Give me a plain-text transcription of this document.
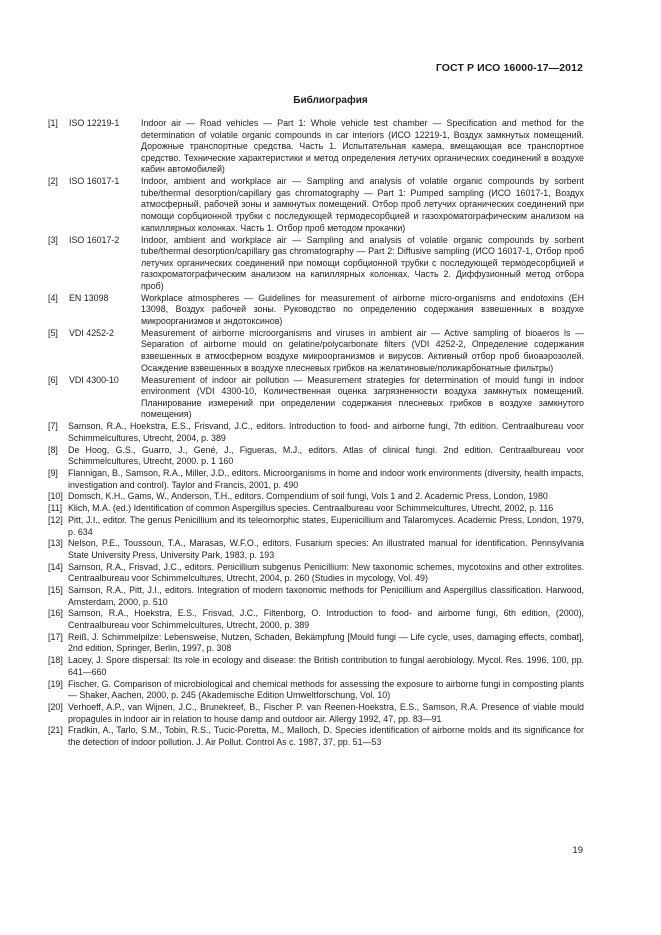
ГОСТ Р ИСО 16000-17—2012
Библиография
[1] ISO 12219-1 Indoor air — Road vehicles — Part 1: Whole vehicle test chamber — Specification and method for the determination of volatile organic compounds in car interiors (ИСО 12219-1, Воздух замкнутых помещений. Дорожные транспортные средства. Часть 1. Испытательная камера, вмещающая все транспортное средство. Технические характеристики и метод определения летучих органических соединений в воздухе кабин автомобилей)
[2] ISO 16017-1 Indoor, ambient and workplace air — Sampling and analysis of volatile organic compounds by sorbent tube/thermal desorption/capillary gas chromatography — Part 1: Pumped sampling (ИСО 16017-1, Воздух атмосферный, рабочей зоны и замкнутых помещений. Отбор проб летучих органических соединений при помощи сорбционной трубки с последующей термодесорбцией и газохроматографическим анализом на капиллярных колонках. Часть 1. Отбор проб методом прокачки)
[3] ISO 16017-2 Indoor, ambient and workplace air — Sampling and analysis of volatile organic compounds by sorbent tube/thermal desorption/capillary gas chromatography — Part 2: Diffusive sampling (ИСО 16017-1, Отбор проб летучих органических соединений при помощи сорбционной трубки с последующей термодесорбцией и газохроматографическим анализом на капиллярных колонках. Часть 2. Диффузионный метод отбора проб)
[4] EN 13098	Workplace atmospheres — Guidelines for measurement of airborne micro-organisms and endotoxins (EH 13098, Воздух рабочей зоны. Руководство по определению содержания взвешенных в воздухе микроорганизмов и эндотоксинов)
[5] VDI 4252-2	Measurement of airborne microorganisms and viruses in ambient air — Active sampling of bioaeros ls — Separation of airborne mould on gelatine/polycarbonate filters (VDI 4252-2, Определение содержания взвешенных в атмосферном воздухе микроорганизмов и вирусов. Активный отбор проб биоаэрозолей. Осаждение взвешенных в воздухе плесневых грибков на желатиновые/поликарбонатные фильтры)
[6] VDI 4300-10 Measurement of indoor air pollution — Measurement strategies for determination of mould fungi in indoor environment (VDI 4300-10, Количественная оценка загрязненности воздуха замкнутых помещений. Планирование измерений при определении содержания плесневых грибков в воздухе замкнутого помещения)
[7] Samson, R.A., Hoekstra, E.S., Frisvand, J.C., editors. Introduction to food- and airborne fungi, 7th edition. Centraalbureau voor Schimmelcultures, Utrecht, 2004, p. 389
[8] De Hoog, G.S., Guarro, J., Gené, J., Figueras, M.J., editors. Atlas of clinical fungi. 2nd edition. Centraalbureau voor Schimmelcultures, Utrecht, 2000. p. 1 160
[9] Flannigan, B., Samson, R.A., Miller, J.D., editors. Microorganisms in home and indoor work environments (diversity, health impacts, investigation and control). Taylor and Francis, 2001, p. 490
[10] Domsch, K.H., Gams, W., Anderson, T.H., editors. Compendium of soil fungi, Vols 1 and 2. Academic Press, London, 1980
[11] Klich, M.A. (ed.) Identification of common Aspergillus species. Centraalbureau voor Schimmelcultures, Utrecht, 2002, p. 116
[12] Pitt, J.I., editor. The genus Penicillium and its teleomorphic states, Eupenicillium and Talaromyces. Academic Press, London, 1979, p. 634
[13] Nelson, P.E., Toussoun, T.A., Marasas, W.F.O., editors. Fusarium species: An illustrated manual for identification. Pennsylvania State University Press, University Park, 1983, p. 193
[14] Samson, R.A., Frisvad, J.C., editors. Penicillium subgenus Penicillium: New taxonomic schemes, mycotoxins and other extrolites. Centraalbureau voor Schimmelcultures, Utrecht, 2004, p. 260 (Studies in mycology, Vol. 49)
[15] Samson, R.A., Pitt, J.I., editors. Integration of modern taxonomic methods for Penicillium and Aspergillus classification. Harwood, Amsterdam, 2000, p. 510
[16] Samson, R.A., Hoekstra, E.S., Frisvad, J.C., Filtenborg, O. Introduction to food- and airborne fungi, 6th edition, (2000), Centraalbureau voor Schimmelcultures, Utrecht, 2000, p. 389
[17] Reiß, J. Schimmelpilze: Lebensweise, Nutzen, Schaden, Bekämpfung [Mould fungi — Life cycle, uses, damaging effects, combat], 2nd edition, Springer, Berlin, 1997, p. 308
[18] Lacey, J. Spore dispersal: Its role in ecology and disease: the British contribution to fungal aerobiology. Mycol. Res. 1996, 100, pp. 641—660
[19] Fischer, G. Comparison of microbiological and chemical methods for assessing the exposure to airborne fungi in composting plants — Shaker, Aachen, 2000, p. 245 (Akademische Edition Umweltforschung, Vol. 10)
[20] Verhoeff, A.P., van Wijnen, J.C., Brunekreef, B., Fischer P. van Reenen-Hoekstra, E.S., Samson, R.A. Presence of viable mould propagules in indoor air in relation to house damp and outdoor air. Allergy 1992, 47, pp. 83—91
[21] Fradkin, A., Tarlo, S.M., Tobin, R.S., Tucic-Porettа, M., Malloch, D. Species identification of airborne molds and its significance for the detection of indoor pollution. J. Air Pollut. Control As c. 1987, 37, pp. 51—53
19
